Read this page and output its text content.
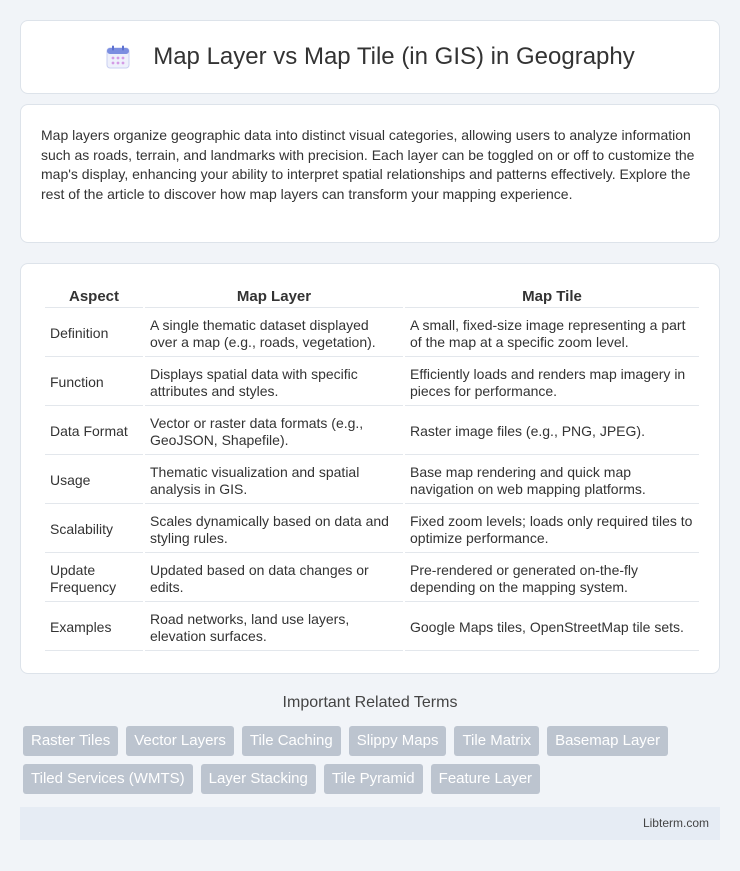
Map Layer vs Map Tile (in GIS) in Geography

Map layers organize geographic data into distinct visual categories, allowing users to analyze information such as roads, terrain, and landmarks with precision. Each layer can be toggled on or off to customize the map's display, enhancing your ability to interpret spatial relationships and patterns effectively. Explore the rest of the article to discover how map layers can transform your mapping experience.

Aspect	Map Layer	Map Tile
Definition	A single thematic dataset displayed over a map (e.g., roads, vegetation).	A small, fixed-size image representing a part of the map at a specific zoom level.
Function	Displays spatial data with specific attributes and styles.	Efficiently loads and renders map imagery in pieces for performance.
Data Format	Vector or raster data formats (e.g., GeoJSON, Shapefile).	Raster image files (e.g., PNG, JPEG).
Usage	Thematic visualization and spatial analysis in GIS.	Base map rendering and quick map navigation on web mapping platforms.
Scalability	Scales dynamically based on data and styling rules.	Fixed zoom levels; loads only required tiles to optimize performance.
Update Frequency	Updated based on data changes or edits.	Pre-rendered or generated on-the-fly depending on the mapping system.
Examples	Road networks, land use layers, elevation surfaces.	Google Maps tiles, OpenStreetMap tile sets.
Important Related Terms
Raster Tiles	Vector Layers	Tile Caching	Slippy Maps	Tile Matrix	Basemap Layer
Tiled Services (WMTS)	Layer Stacking	Tile Pyramid	Feature Layer
Libterm.com
